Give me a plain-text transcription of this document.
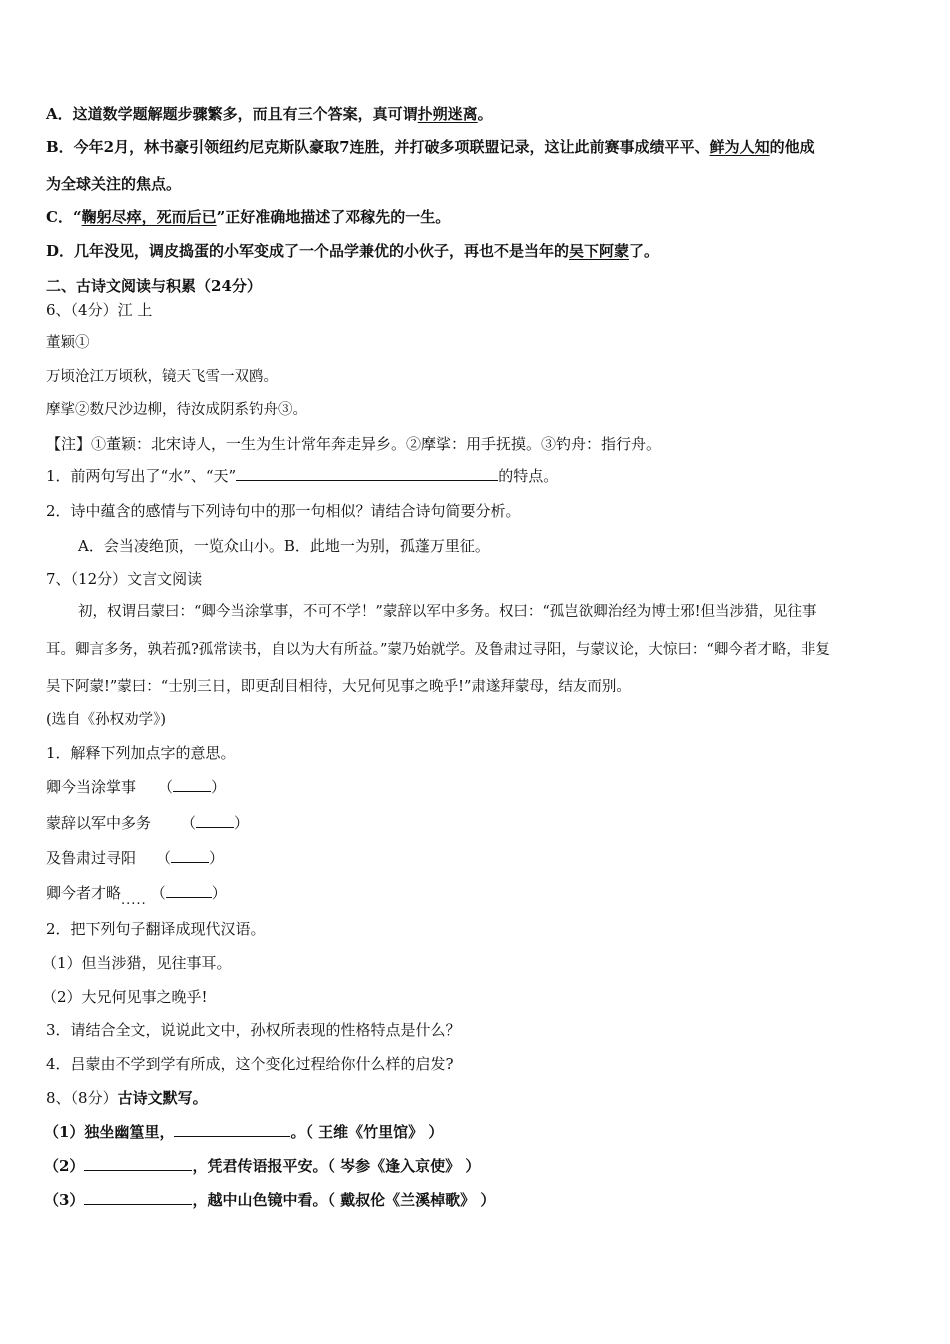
A．这道数学题解题步骤繁多，而且有三个答案，真可谓扑朔迷离。
B．今年2月，林书豪引领纽约尼克斯队豪取7连胜，并打破多项联盟记录，这让此前赛事成绩平平、鲜为人知的他成
为全球关注的焦点。
C．“鞠躬尽瘁，死而后已”正好准确地描述了邓稼先的一生。
D．几年没见，调皮捣蛋的小军变成了一个品学兼优的小伙子，再也不是当年的吴下阿蒙了。
二、古诗文阅读与积累（24分）
6、（4分）江 上
董颖①
万顷沧江万顷秋，镜天飞雪一双鸥。
摩挲②数尺沙边柳，待汝成阴系钓舟③。
【注】①董颖：北宋诗人，一生为生计常年奔走异乡。②摩挲：用手抚摸。③钓舟：指行舟。
1．前两句写出了“水”、“天”	的特点。
2．诗中蕴含的感情与下列诗句中的那一句相似？请结合诗句简要分析。
A．会当凌绝顶，一览众山小。B．此地一为别，孤蓬万里征。
7、（12分）文言文阅读
初，权谓吕蒙曰：“卿今当涂掌事，不可不学！”蒙辞以军中多务。权曰：“孤岂欲卿治经为博士邪!但当涉猎，见往事
耳。卿言多务，孰若孤?孤常读书，自以为大有所益。”蒙乃始就学。及鲁肃过寻阳，与蒙议论，大惊曰：“卿今者才略，非复
吴下阿蒙!”蒙曰：“士别三日，即更刮目相待，大兄何见事之晚乎!”肃遂拜蒙母，结友而别。
(选自《孙权劝学》)
1．解释下列加点字的意思。
卿今当涂掌事 （	）
蒙辞以军中多务 （	）
及鲁肃过寻阳 （	）
卿今者才略..... （	）
2．把下列句子翻译成现代汉语。
（1）但当涉猎，见往事耳。
（2）大兄何见事之晚乎!
3．请结合全文，说说此文中，孙权所表现的性格特点是什么？
4．吕蒙由不学到学有所成，这个变化过程给你什么样的启发?
8、（8分）古诗文默写。
（1）独坐幽篁里，	。（ 王维《竹里馆》 ）
（2）	，凭君传语报平安。（ 岑参《逢入京使》 ）
（3）	，越中山色镜中看。（ 戴叔伦《兰溪棹歌》 ）
